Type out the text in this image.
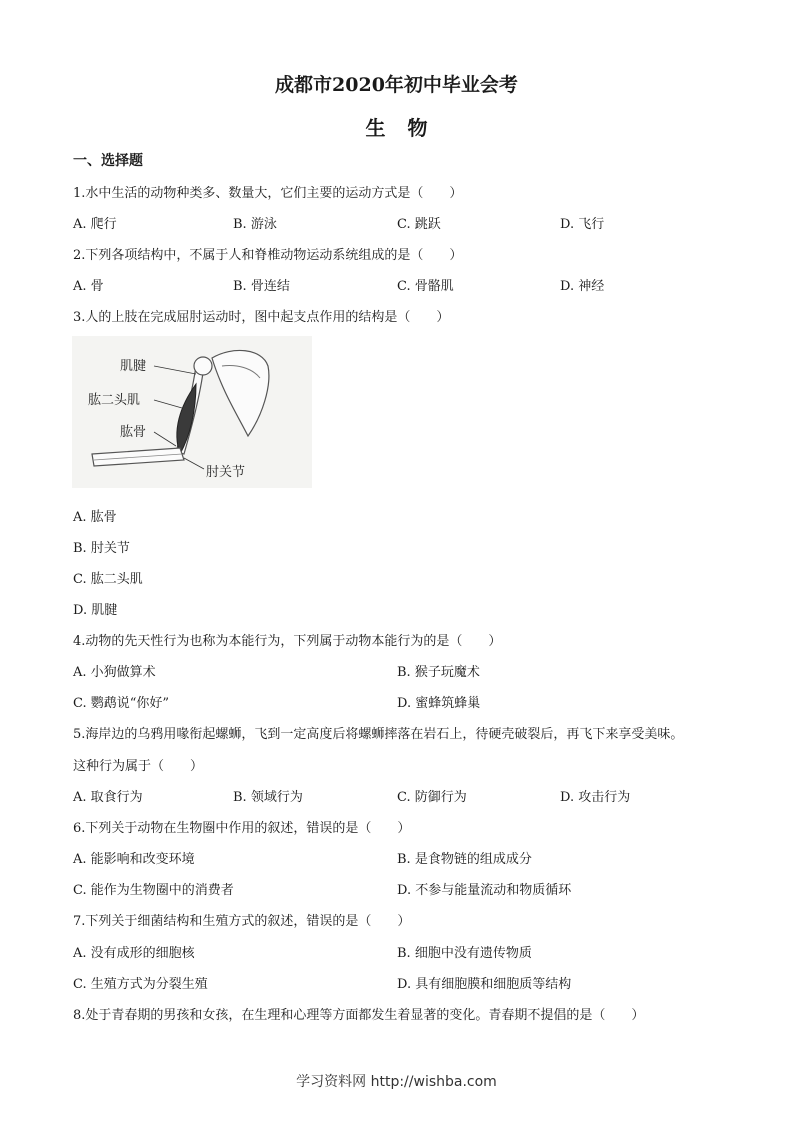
成都市2020年初中毕业会考
生物
一、选择题
1.水中生活的动物种类多、数量大，它们主要的运动方式是（　　）
A. 爬行	B. 游泳	C. 跳跃	D. 飞行
2.下列各项结构中，不属于人和脊椎动物运动系统组成的是（　　）
A. 骨	B. 骨连结	C. 骨骼肌	D. 神经
3.人的上肢在完成屈肘运动时，图中起支点作用的结构是（　　）
肌腱
肱二头肌
肱骨
肘关节
A. 肱骨
B. 肘关节
C. 肱二头肌
D. 肌腱
4.动物的先天性行为也称为本能行为，下列属于动物本能行为的是（　　）
A. 小狗做算术	B. 猴子玩魔术
C. 鹦鹉说“你好”	D. 蜜蜂筑蜂巢
5.海岸边的乌鸦用喙衔起螺蛳，飞到一定高度后将螺蛳摔落在岩石上，待硬壳破裂后，再飞下来享受美味。
这种行为属于（　　）
A. 取食行为	B. 领域行为	C. 防御行为	D. 攻击行为
6.下列关于动物在生物圈中作用的叙述，错误的是（　　）
A. 能影响和改变环境	B. 是食物链的组成成分
C. 能作为生物圈中的消费者	D. 不参与能量流动和物质循环
7.下列关于细菌结构和生殖方式的叙述，错误的是（　　）
A. 没有成形的细胞核	B. 细胞中没有遗传物质
C. 生殖方式为分裂生殖	D. 具有细胞膜和细胞质等结构
8.处于青春期的男孩和女孩，在生理和心理等方面都发生着显著的变化。青春期不提倡的是（　　）
学习资料网 http://wishba.com
